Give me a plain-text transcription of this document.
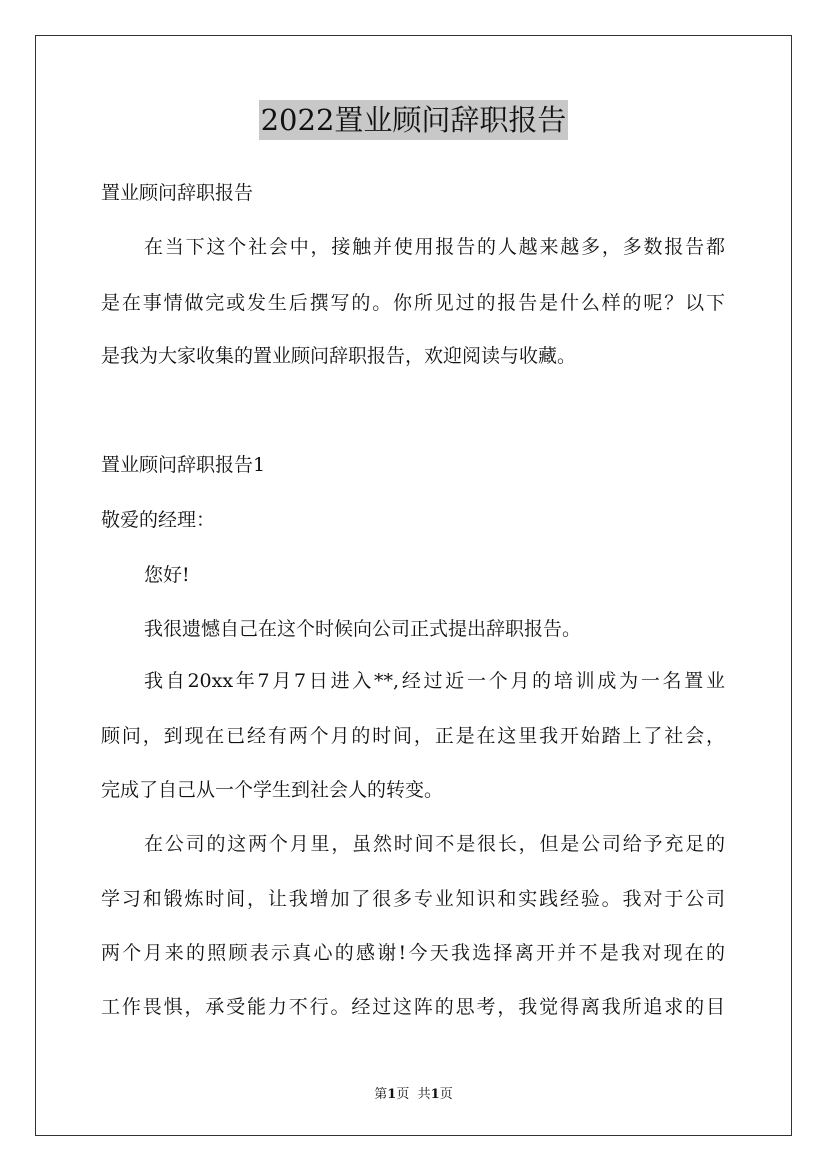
2022置业顾问辞职报告
置业顾问辞职报告
在当下这个社会中，接触并使用报告的人越来越多，多数报告都
是在事情做完或发生后撰写的。你所见过的报告是什么样的呢？以下
是我为大家收集的置业顾问辞职报告，欢迎阅读与收藏。
置业顾问辞职报告1
敬爱的经理：
您好!
我很遗憾自己在这个时候向公司正式提出辞职报告。
我自20xx年7月7日进入**,经过近一个月的培训成为一名置业
顾问，到现在已经有两个月的时间，正是在这里我开始踏上了社会，
完成了自己从一个学生到社会人的转变。
在公司的这两个月里，虽然时间不是很长，但是公司给予充足的
学习和锻炼时间，让我增加了很多专业知识和实践经验。我对于公司
两个月来的照顾表示真心的感谢!今天我选择离开并不是我对现在的
工作畏惧，承受能力不行。经过这阵的思考，我觉得离我所追求的目
第1页 共1页
